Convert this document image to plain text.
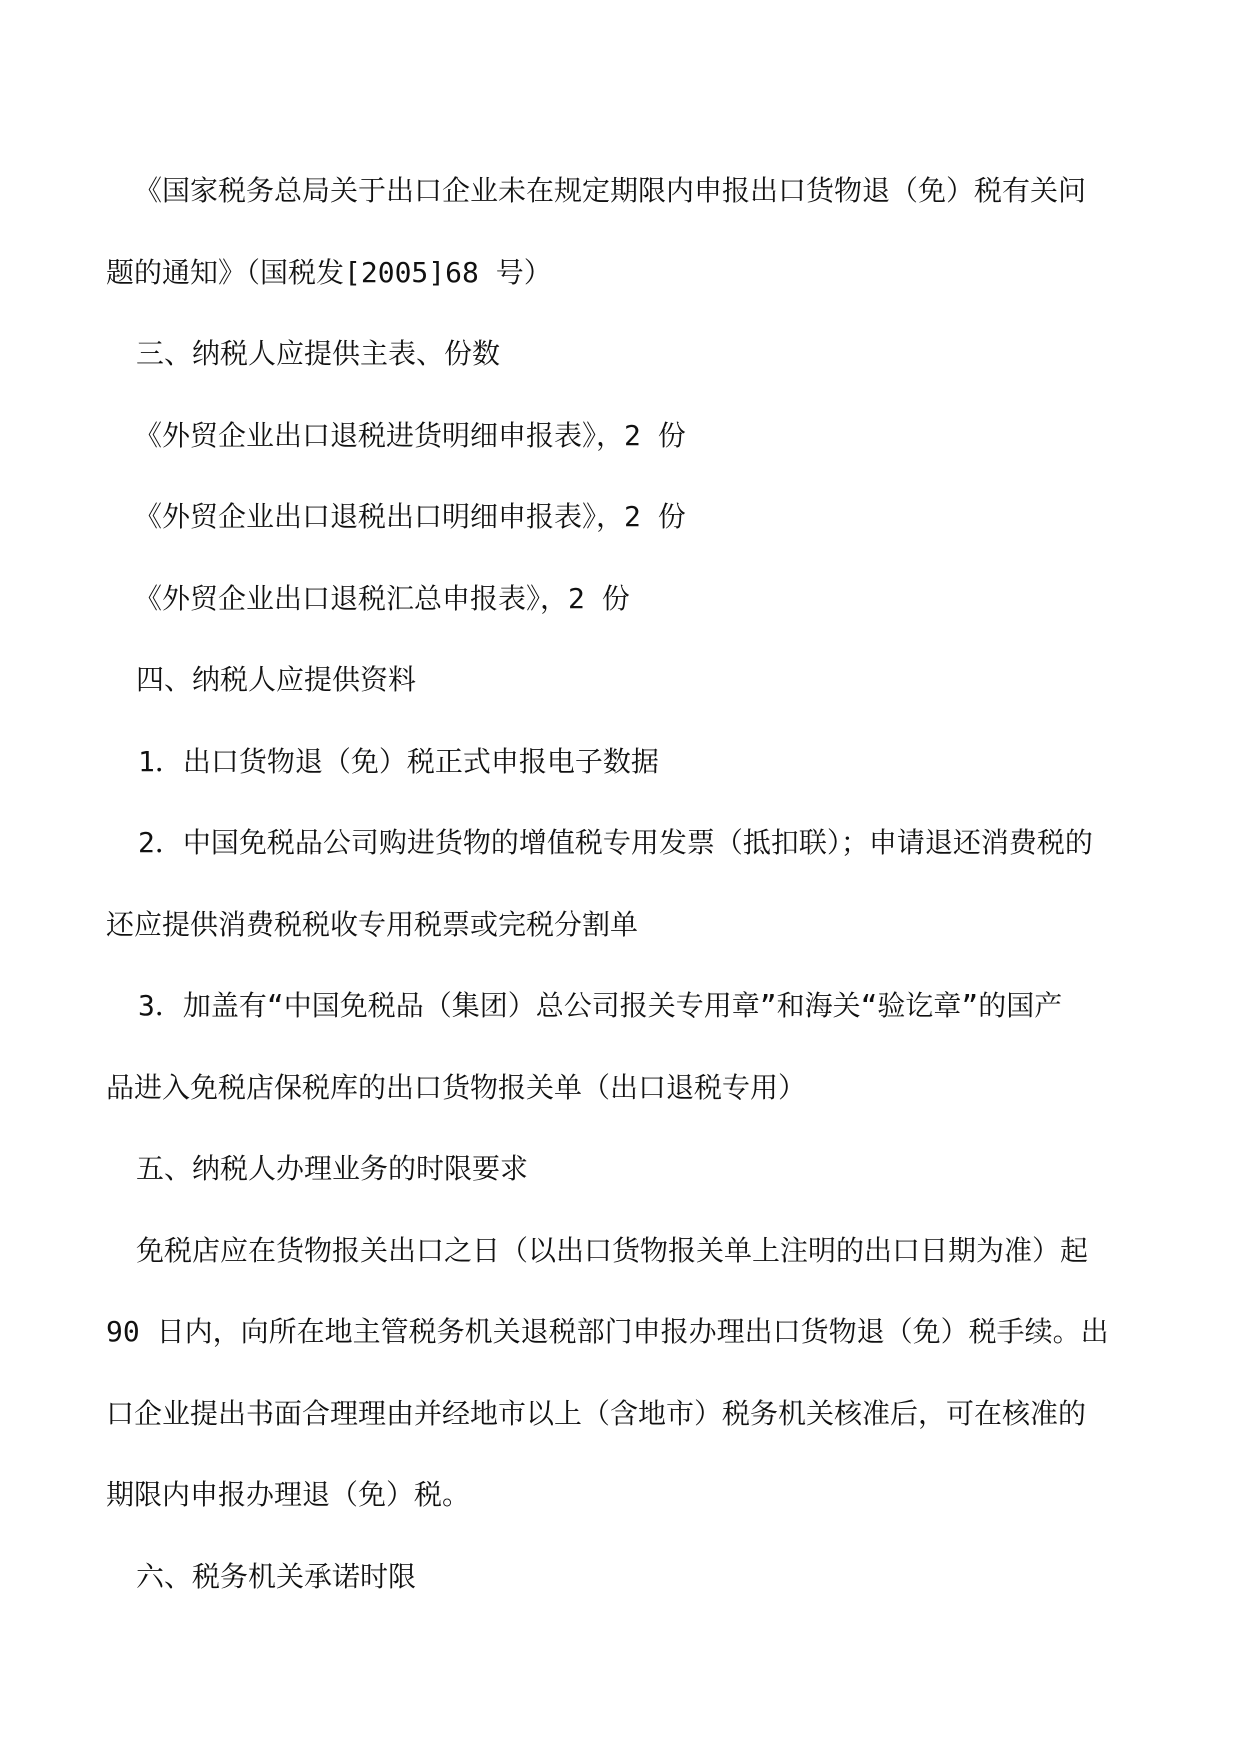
《国家税务总局关于出口企业未在规定期限内申报出口货物退（免）税有关问
题的通知》（国税发[2005]68 号）
三、纳税人应提供主表、份数
《外贸企业出口退税进货明细申报表》，2 份
《外贸企业出口退税出口明细申报表》，2 份
《外贸企业出口退税汇总申报表》，2 份
四、纳税人应提供资料
1．出口货物退（免）税正式申报电子数据
2．中国免税品公司购进货物的增值税专用发票（抵扣联）；申请退还消费税的
还应提供消费税税收专用税票或完税分割单
3．加盖有“中国免税品（集团）总公司报关专用章”和海关“验讫章”的国产
品进入免税店保税库的出口货物报关单（出口退税专用）
五、纳税人办理业务的时限要求
免税店应在货物报关出口之日（以出口货物报关单上注明的出口日期为准）起
90 日内，向所在地主管税务机关退税部门申报办理出口货物退（免）税手续。出
口企业提出书面合理理由并经地市以上（含地市）税务机关核准后，可在核准的
期限内申报办理退（免）税。
六、税务机关承诺时限
